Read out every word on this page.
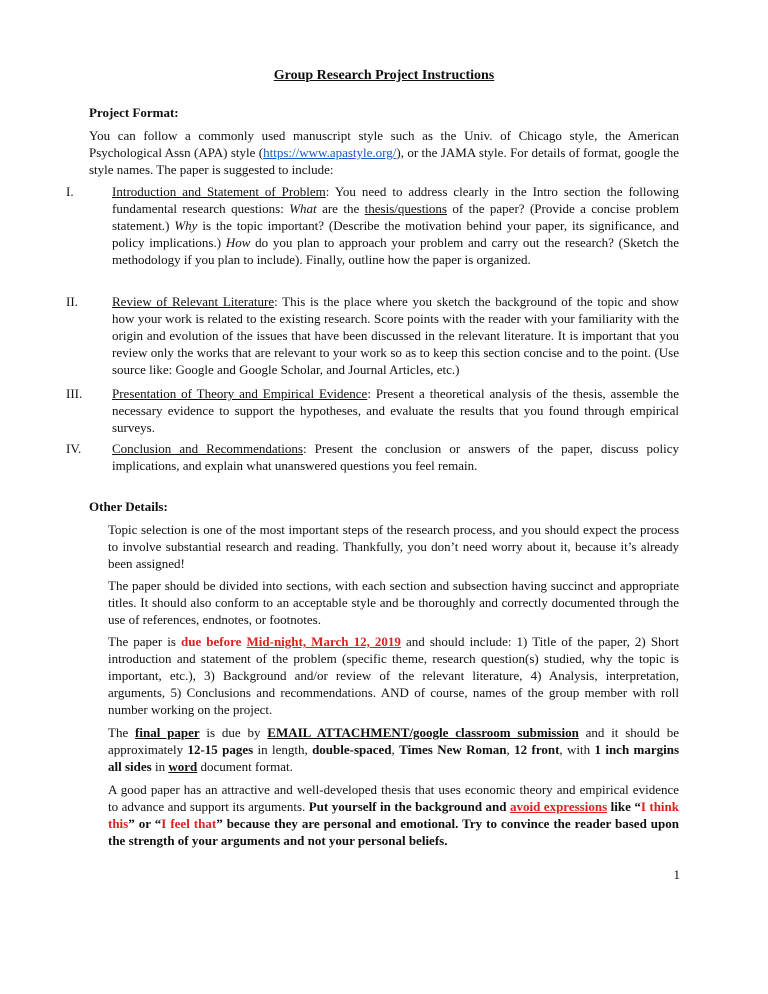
Group Research Project Instructions
Project Format:
You can follow a commonly used manuscript style such as the Univ. of Chicago style, the American Psychological Assn (APA) style (https://www.apastyle.org/), or the JAMA style. For details of format, google the style names. The paper is suggested to include:
I.	Introduction and Statement of Problem: You need to address clearly in the Intro section the following fundamental research questions: What are the thesis/questions of the paper? (Provide a concise problem statement.) Why is the topic important? (Describe the motivation behind your paper, its significance, and policy implications.) How do you plan to approach your problem and carry out the research? (Sketch the methodology if you plan to include). Finally, outline how the paper is organized.
II.	Review of Relevant Literature: This is the place where you sketch the background of the topic and show how your work is related to the existing research. Score points with the reader with your familiarity with the origin and evolution of the issues that have been discussed in the relevant literature. It is important that you review only the works that are relevant to your work so as to keep this section concise and to the point. (Use source like: Google and Google Scholar, and Journal Articles, etc.)
III. Presentation of Theory and Empirical Evidence: Present a theoretical analysis of the thesis, assemble the necessary evidence to support the hypotheses, and evaluate the results that you found through empirical surveys.
IV. Conclusion and Recommendations: Present the conclusion or answers of the paper, discuss policy implications, and explain what unanswered questions you feel remain.
Other Details:
Topic selection is one of the most important steps of the research process, and you should expect the process to involve substantial research and reading. Thankfully, you don’t need worry about it, because it’s already been assigned!
The paper should be divided into sections, with each section and subsection having succinct and appropriate titles. It should also conform to an acceptable style and be thoroughly and correctly documented through the use of references, endnotes, or footnotes.
The paper is due before Mid-night, March 12, 2019 and should include: 1) Title of the paper, 2) Short introduction and statement of the problem (specific theme, research question(s) studied, why the topic is important, etc.), 3) Background and/or review of the relevant literature, 4) Analysis, interpretation, arguments, 5) Conclusions and recommendations. AND of course, names of the group member with roll number working on the project.
The final paper is due by EMAIL ATTACHMENT/google classroom submission and it should be approximately 12-15 pages in length, double-spaced, Times New Roman, 12 front, with 1 inch margins all sides in word document format.
A good paper has an attractive and well-developed thesis that uses economic theory and empirical evidence to advance and support its arguments. Put yourself in the background and avoid expressions like “I think this” or “I feel that” because they are personal and emotional. Try to convince the reader based upon the strength of your arguments and not your personal beliefs.
1
